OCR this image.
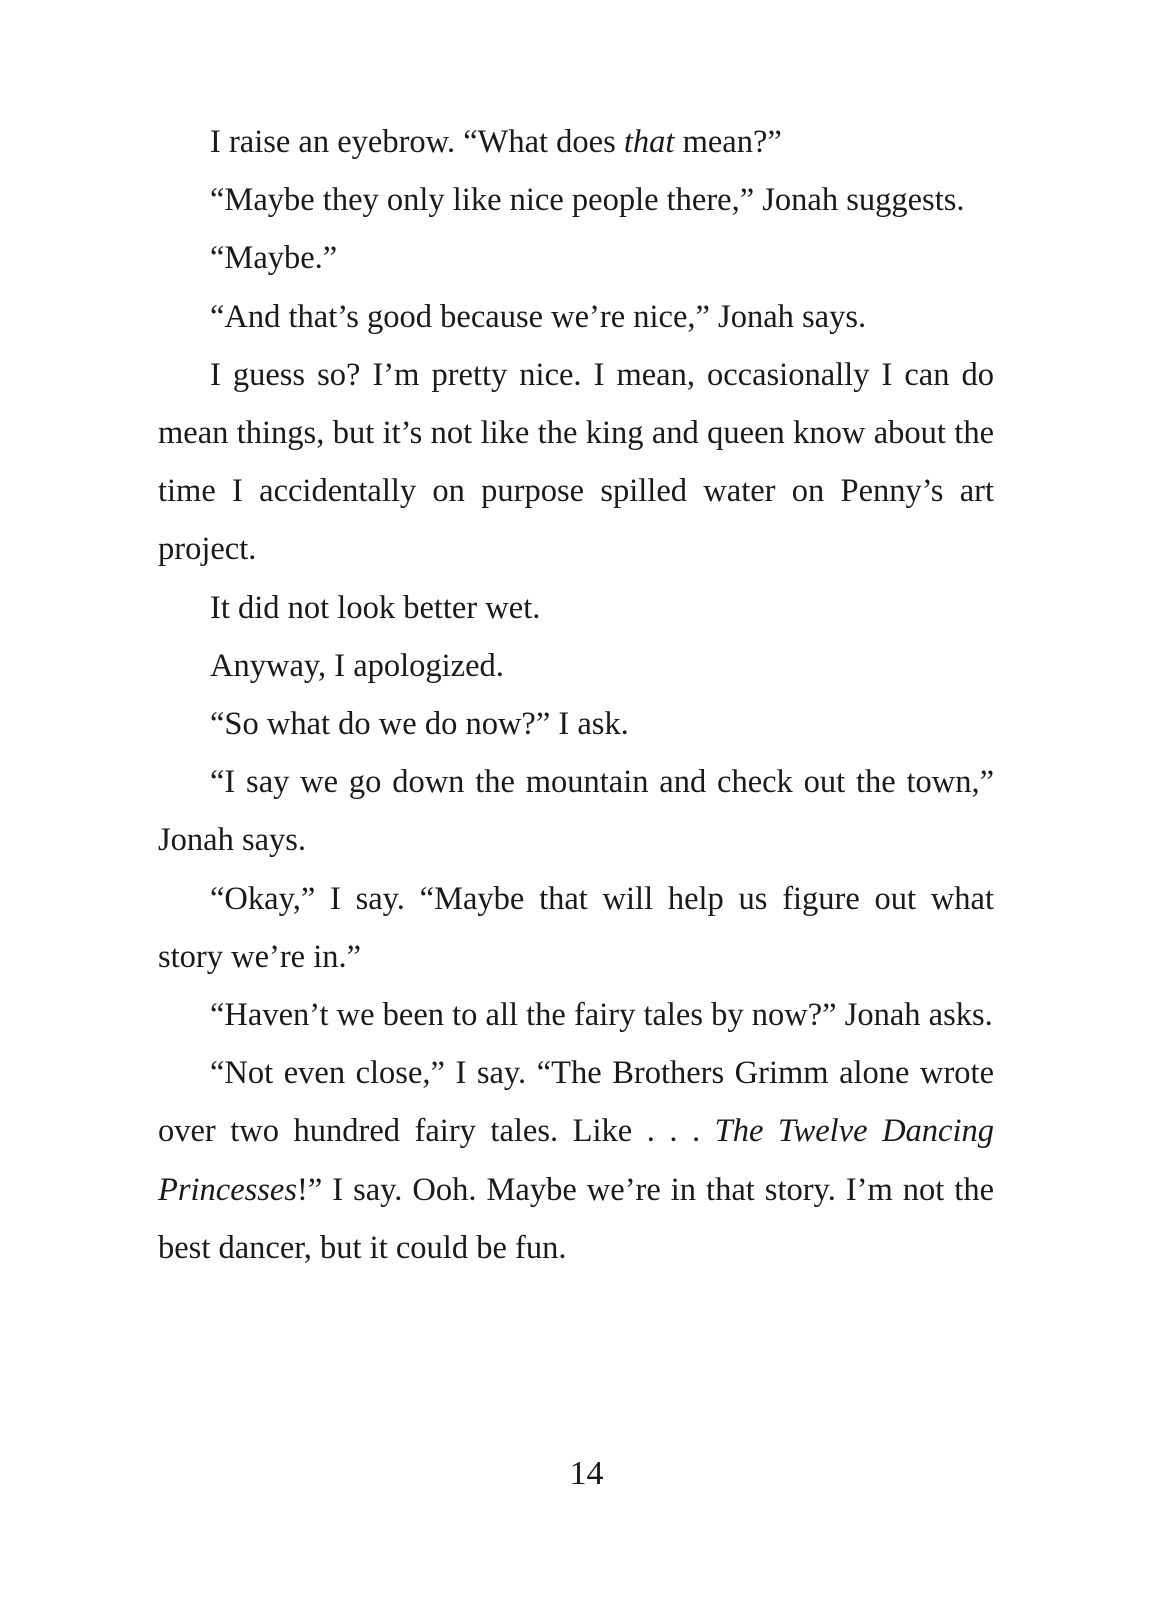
I raise an eyebrow. “What does that mean?”

“Maybe they only like nice people there,” Jonah suggests.

“Maybe.”

“And that’s good because we’re nice,” Jonah says.

I guess so? I’m pretty nice. I mean, occasionally I can do mean things, but it’s not like the king and queen know about the time I accidentally on purpose spilled water on Penny’s art project.

It did not look better wet.

Anyway, I apologized.

“So what do we do now?” I ask.

“I say we go down the mountain and check out the town,” Jonah says.

“Okay,” I say. “Maybe that will help us figure out what story we’re in.”

“Haven’t we been to all the fairy tales by now?” Jonah asks.

“Not even close,” I say. “The Brothers Grimm alone wrote over two hundred fairy tales. Like . . . The Twelve Dancing Princesses!” I say. Ooh. Maybe we’re in that story. I’m not the best dancer, but it could be fun.

14
